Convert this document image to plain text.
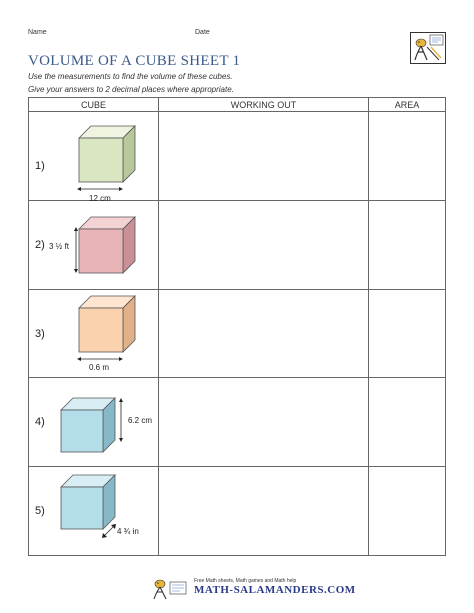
Name	Date
VOLUME OF A CUBE SHEET 1
Use the measurements to find the volume of these cubes.
Give your answers to 2 decimal places where appropriate.
CUBE	WORKING OUT	AREA

1)
12 cm		

2) 3 ½ ft		

3)
0.6 m		

4) 6.2 cm		

5)
4 ¾ in		

Free Math sheets, Math games and Math help
MATH-SALAMANDERS.COM
